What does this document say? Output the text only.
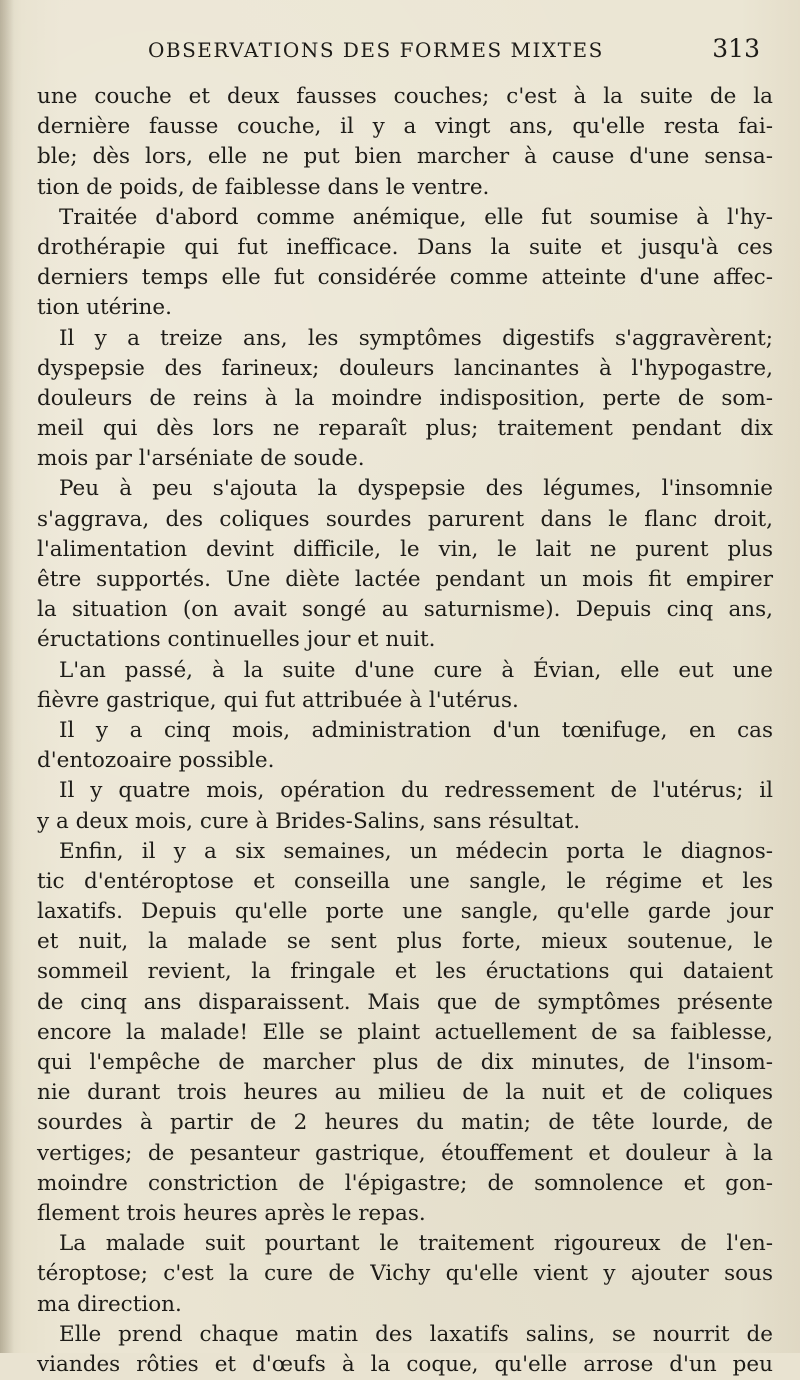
OBSERVATIONS DES FORMES MIXTES	313
une couche et deux fausses couches; c'est à la suite de la
dernière fausse couche, il y a vingt ans, qu'elle resta fai-
ble; dès lors, elle ne put bien marcher à cause d'une sensa-
tion de poids, de faiblesse dans le ventre.
Traitée d'abord comme anémique, elle fut soumise à l'hy-
drothérapie qui fut inefficace. Dans la suite et jusqu'à ces
derniers temps elle fut considérée comme atteinte d'une affec-
tion utérine.
Il y a treize ans, les symptômes digestifs s'aggravèrent;
dyspepsie des farineux; douleurs lancinantes à l'hypogastre,
douleurs de reins à la moindre indisposition, perte de som-
meil qui dès lors ne reparaît plus; traitement pendant dix
mois par l'arséniate de soude.
Peu à peu s'ajouta la dyspepsie des légumes, l'insomnie
s'aggrava, des coliques sourdes parurent dans le flanc droit,
l'alimentation devint difficile, le vin, le lait ne purent plus
être supportés. Une diète lactée pendant un mois fit empirer
la situation (on avait songé au saturnisme). Depuis cinq ans,
éructations continuelles jour et nuit.
L'an passé, à la suite d'une cure à Évian, elle eut une
fièvre gastrique, qui fut attribuée à l'utérus.
Il y a cinq mois, administration d'un tœnifuge, en cas
d'entozoaire possible.
Il y quatre mois, opération du redressement de l'utérus; il
y a deux mois, cure à Brides-Salins, sans résultat.
Enfin, il y a six semaines, un médecin porta le diagnos-
tic d'entéroptose et conseilla une sangle, le régime et les
laxatifs. Depuis qu'elle porte une sangle, qu'elle garde jour
et nuit, la malade se sent plus forte, mieux soutenue, le
sommeil revient, la fringale et les éructations qui dataient
de cinq ans disparaissent. Mais que de symptômes présente
encore la malade! Elle se plaint actuellement de sa faiblesse,
qui l'empêche de marcher plus de dix minutes, de l'insom-
nie durant trois heures au milieu de la nuit et de coliques
sourdes à partir de 2 heures du matin; de tête lourde, de
vertiges; de pesanteur gastrique, étouffement et douleur à la
moindre constriction de l'épigastre; de somnolence et gon-
flement trois heures après le repas.
La malade suit pourtant le traitement rigoureux de l'en-
téroptose; c'est la cure de Vichy qu'elle vient y ajouter sous
ma direction.
Elle prend chaque matin des laxatifs salins, se nourrit de
viandes rôties et d'œufs à la coque, qu'elle arrose d'un peu
